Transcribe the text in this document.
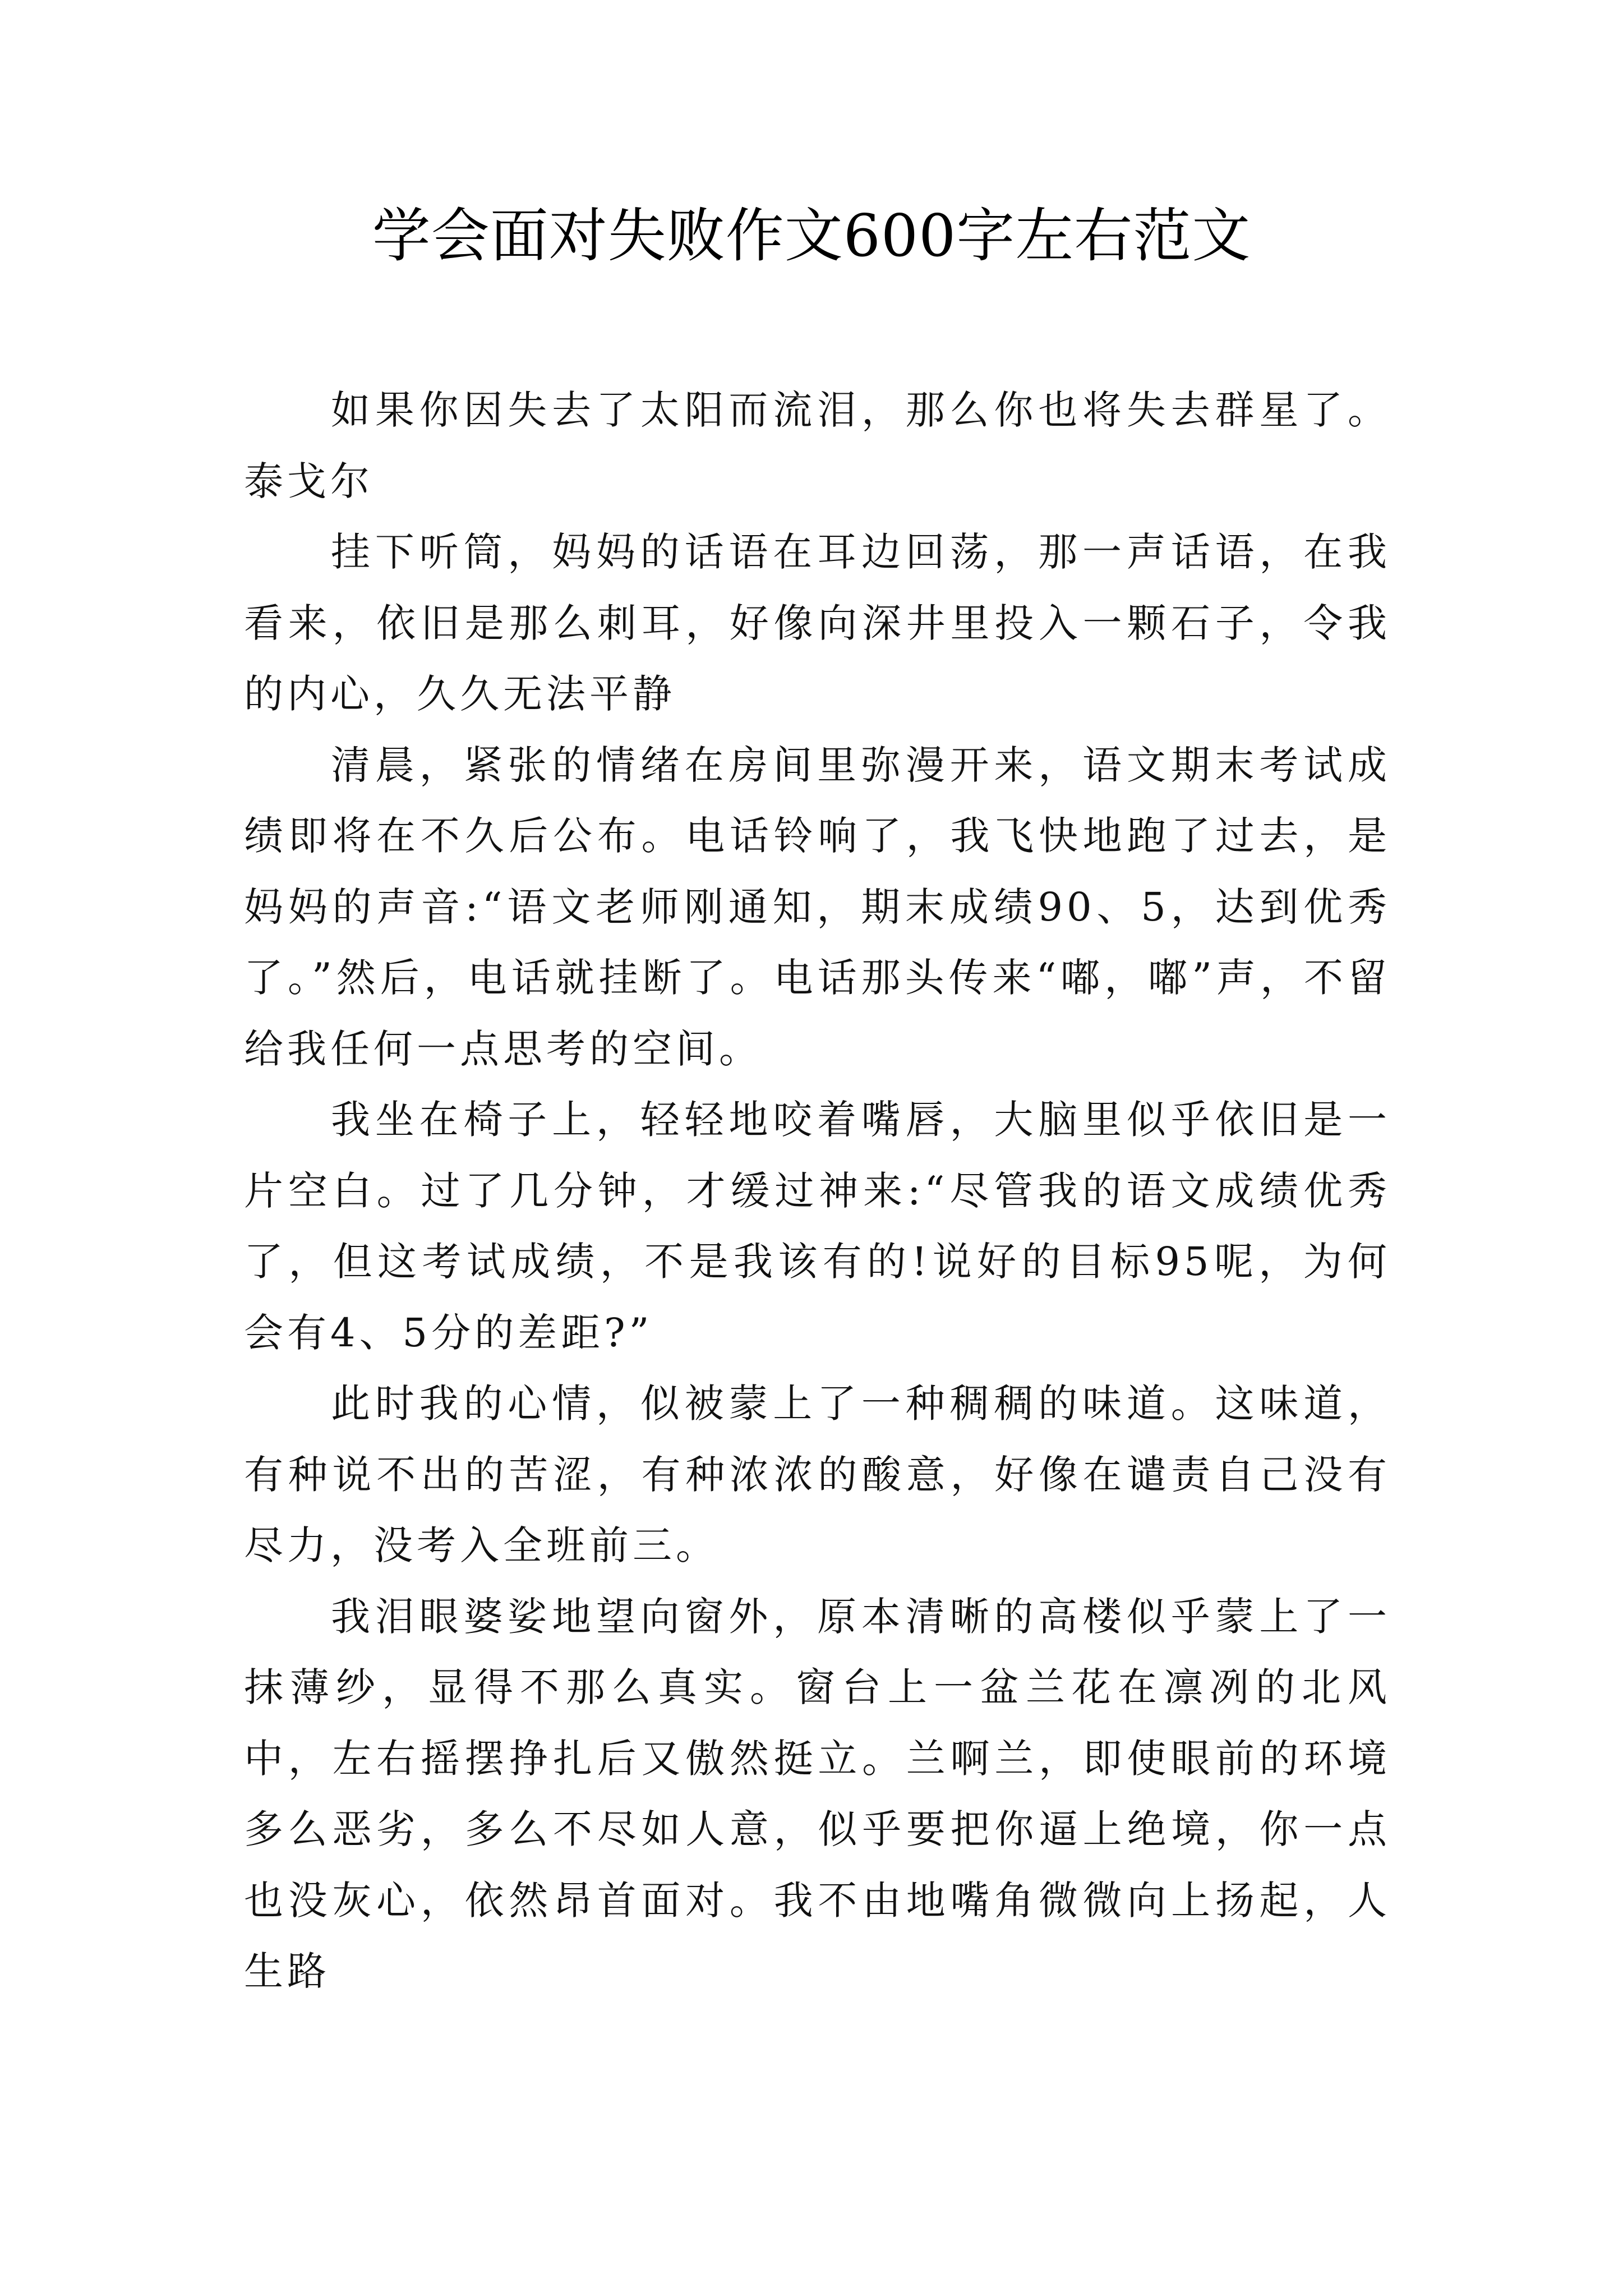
学会面对失败作文600字左右范文

如果你因失去了太阳而流泪，那么你也将失去群星了。泰戈尔

挂下听筒，妈妈的话语在耳边回荡，那一声话语，在我看来，依旧是那么刺耳，好像向深井里投入一颗石子，令我的内心，久久无法平静

清晨，紧张的情绪在房间里弥漫开来，语文期末考试成绩即将在不久后公布。电话铃响了，我飞快地跑了过去，是妈妈的声音:“语文老师刚通知，期末成绩90、5，达到优秀了。”然后，电话就挂断了。电话那头传来“嘟，嘟”声，不留给我任何一点思考的空间。

我坐在椅子上，轻轻地咬着嘴唇，大脑里似乎依旧是一片空白。过了几分钟，才缓过神来:“尽管我的语文成绩优秀了，但这考试成绩，不是我该有的!说好的目标95呢，为何会有4、5分的差距?”

此时我的心情，似被蒙上了一种稠稠的味道。这味道，有种说不出的苦涩，有种浓浓的酸意，好像在谴责自己没有尽力，没考入全班前三。

我泪眼婆娑地望向窗外，原本清晰的高楼似乎蒙上了一抹薄纱，显得不那么真实。窗台上一盆兰花在凛冽的北风中，左右摇摆挣扎后又傲然挺立。兰啊兰，即使眼前的环境多么恶劣，多么不尽如人意，似乎要把你逼上绝境，你一点也没灰心，依然昂首面对。我不由地嘴角微微向上扬起，人生路
